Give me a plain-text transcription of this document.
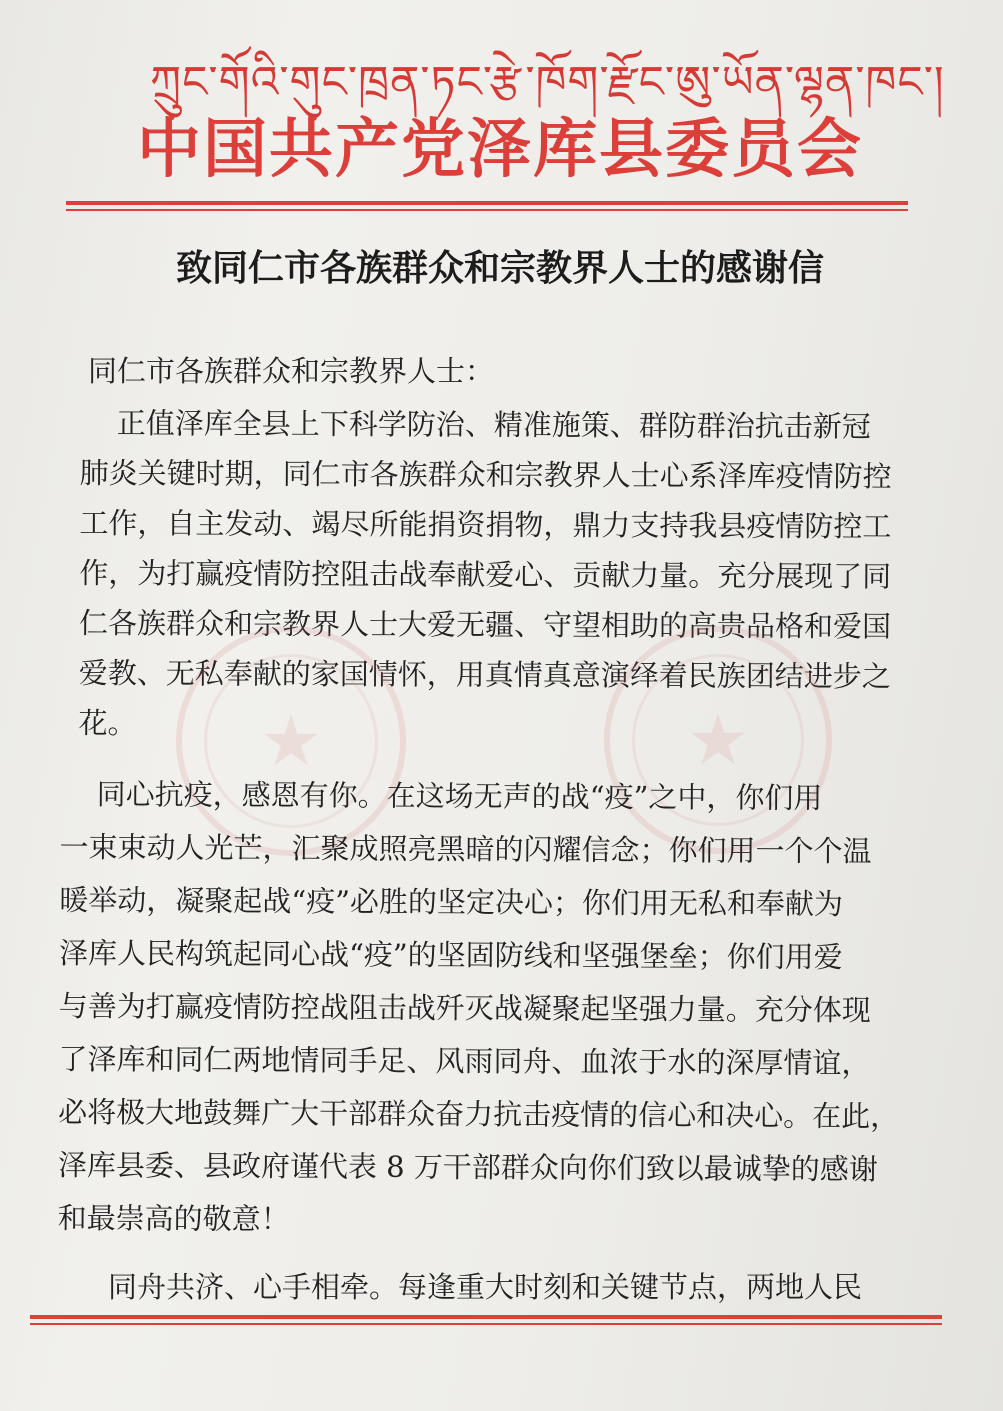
ཀྲུང་གོའི་གུང་ཁྲན་ཏང་རྩེ་ཁོག་རྫོང་ཨུ་ཡོན་ལྷན་ཁང་།
中国共产党泽库县委员会
致同仁市各族群众和宗教界人士的感谢信
同仁市各族群众和宗教界人士：
正值泽库全县上下科学防治、精准施策、群防群治抗击新冠
肺炎关键时期，同仁市各族群众和宗教界人士心系泽库疫情防控
工作，自主发动、竭尽所能捐资捐物，鼎力支持我县疫情防控工
作，为打赢疫情防控阻击战奉献爱心、贡献力量。充分展现了同
仁各族群众和宗教界人士大爱无疆、守望相助的高贵品格和爱国
爱教、无私奉献的家国情怀，用真情真意演绎着民族团结进步之
花。	★	★
同心抗疫，感恩有你。在这场无声的战“疫”之中，你们用
一束束动人光芒，汇聚成照亮黑暗的闪耀信念；你们用一个个温
暖举动，凝聚起战“疫”必胜的坚定决心；你们用无私和奉献为
泽库人民构筑起同心战“疫”的坚固防线和坚强堡垒；你们用爱
与善为打赢疫情防控战阻击战歼灭战凝聚起坚强力量。充分体现
了泽库和同仁两地情同手足、风雨同舟、血浓于水的深厚情谊，
必将极大地鼓舞广大干部群众奋力抗击疫情的信心和决心。在此，
泽库县委、县政府谨代表 8 万干部群众向你们致以最诚挚的感谢
和最崇高的敬意！
同舟共济、心手相牵。每逢重大时刻和关键节点，两地人民
